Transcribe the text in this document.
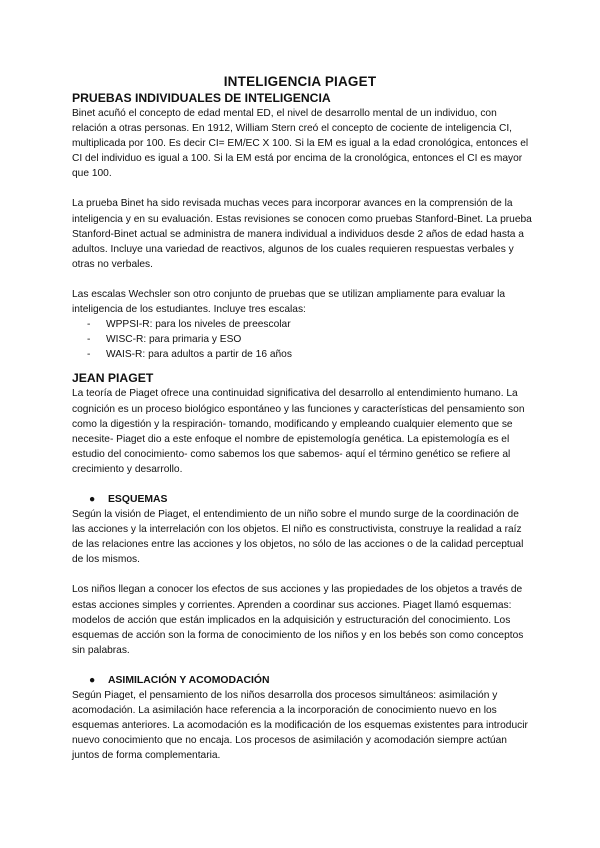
INTELIGENCIA PIAGET
PRUEBAS INDIVIDUALES DE INTELIGENCIA

Binet acuñó el concepto de edad mental ED, el nivel de desarrollo mental de un individuo, con relación a otras personas. En 1912, William Stern creó el concepto de cociente de inteligencia CI, multiplicada por 100. Es decir CI= EM/EC X 100. Si la EM es igual a la edad cronológica, entonces el CI del individuo es igual a 100. Si la EM está por encima de la cronológica, entonces el CI es mayor que 100.

La prueba Binet ha sido revisada muchas veces para incorporar avances en la comprensión de la inteligencia y en su evaluación. Estas revisiones se conocen como pruebas Stanford-Binet. La prueba Stanford-Binet actual se administra de manera individual a individuos desde 2 años de edad hasta a adultos. Incluye una variedad de reactivos, algunos de los cuales requieren respuestas verbales y otras no verbales.

Las escalas Wechsler son otro conjunto de pruebas que se utilizan ampliamente para evaluar la inteligencia de los estudiantes. Incluye tres escalas:

- WPPSI-R: para los niveles de preescolar
- WISC-R: para primaria y ESO
- WAIS-R: para adultos a partir de 16 años
JEAN PIAGET

La teoría de Piaget ofrece una continuidad significativa del desarrollo al entendimiento humano. La cognición es un proceso biológico espontáneo y las funciones y características del pensamiento son como la digestión y la respiración- tomando, modificando y empleando cualquier elemento que se necesite- Piaget dio a este enfoque el nombre de epistemología genética. La epistemología es el estudio del conocimiento- como sabemos los que sabemos- aquí el término genético se refiere al crecimiento y desarrollo.

● ESQUEMAS

Según la visión de Piaget, el entendimiento de un niño sobre el mundo surge de la coordinación de las acciones y la interrelación con los objetos. El niño es constructivista, construye la realidad a raíz de las relaciones entre las acciones y los objetos, no sólo de las acciones o de la calidad perceptual de los mismos.

Los niños llegan a conocer los efectos de sus acciones y las propiedades de los objetos a través de estas acciones simples y corrientes. Aprenden a coordinar sus acciones. Piaget llamó esquemas: modelos de acción que están implicados en la adquisición y estructuración del conocimiento. Los esquemas de acción son la forma de conocimiento de los niños y en los bebés son como conceptos sin palabras.

● ASIMILACIÓN Y ACOMODACIÓN

Según Piaget, el pensamiento de los niños desarrolla dos procesos simultáneos: asimilación y acomodación. La asimilación hace referencia a la incorporación de conocimiento nuevo en los esquemas anteriores. La acomodación es la modificación de los esquemas existentes para introducir nuevo conocimiento que no encaja. Los procesos de asimilación y acomodación siempre actúan juntos de forma complementaria.
